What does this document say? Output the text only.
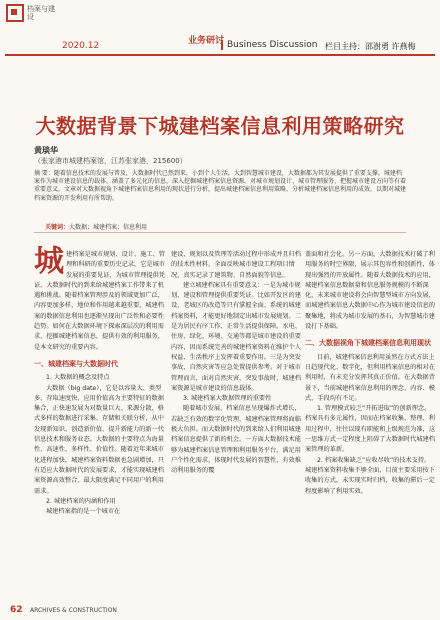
档案与建设
2020.12	业务研讨 Business Discussion 栏目主持：邵澍勇 许燕梅
大数据背景下城建档案信息利用策略研究
黄琰华
（张家港市城建档案馆，江苏张家港，215600）
摘 要：随着信息技术的发展与普及，大数据时代已然到来，小到个人生活，大到智慧城市建设，大数据都为其发展提供了重要支撑。城建档案作为城市建设信息的载体，涵盖了多元化的信息，深入挖掘城建档案信息资源，对城市规划设计、城市管理服务、把握城市建设方向等有着重要意义。文章对大数据视角下城建档案信息利用的现状进行分析，提出城建档案信息利用策略，分析城建档案信息利用的成效，以期对城建档案资源的开发利用有所帮助。
关键词：大数据；城建档案；信息利用

城建档案是城市规划、设计、施工、管理和科研的重要历史记录，它是城市发展的重要见证，为城市管理提供凭证。大数据时代的到来给城建档案工作带来了机遇和挑战。随着档案管理涉及的领域更加广泛，内容更加多样，地位和作用越来越重要，城建档案的数据信息利用也逐渐呈现出广泛性和必要性趋势。如何在大数据环境下探索深层次的利用需求，挖掘城建档案信息，提供有效的利用服务，是本文研究的重要内容。

一、城建档案与大数据时代

1. 大数据的概念及特点

大数据（big date），它是以容量大、类型多、存取速度快、应用价值高为主要特征的数据集合，正快速发展为对数量巨大、来源分散、格式多样的数据进行采集、存储和关联分析，从中发现新知识、创造新价值、提升新能力的新一代信息技术和服务业态。大数据的主要特点为海量性、高速性、多样性、价值性。随着近年来城市化进程加快，城建档案资料数据也急剧增加，只有适应大数据时代的发展要求，才能实现城建档案资源高效整合，最大限度满足不同用户的利用需求。

2. 城建档案的内涵和作用

城建档案指的是一个城市在

建设、规划以及管理等活动过程中形成并且归档的技术性材料，全面反映城市建设工程项目情况，真实记录了建筑物、自然面貌等信息。

建立城建档案具有重要意义：一是为城市规划、建设和管理提供重要凭证。比如开发区的建设，老城区的改造等只有掌握全面、系统的城建档案资料，才能更好地制定出城市发展规划。二是为居民有序工作、正常生活提供保障。水电、住房、绿化、环境、交通等都是城市建设的重要内容，因而系统完善的城建档案资料在维护个人权益、生活秩序上发挥着重要作用。三是为突发事故、自然灾害等应急处置提供参考。对于城市管理而言，面对自然灾害、突发事故时，城建档案资源是城市建设的信息载体。

3. 城建档案大数据管理的重要性

随着城市发展，档案信息呈现爆炸式增长，若缺乏有效的数字化管理，城建档案管理将面临极大负担。而大数据时代的到来给人们利用城建档案信息提供了新的机会。一方面大数据技术能够为城建档案信息管理和利用服务平台，满足用户个性化需求，体现时代发展的智慧性，有效推动利用服务的覆

盖面和社会化。另一方面，大数据技术打破了利用服务的时空界限，展示其包容性和创新性，体现出强烈的开放属性。随着大数据技术的应用，城建档案信息数据量和信息服务规模的不断深化，未来城市建设将会向智慧型城市方向发展，而城建档案信息大数据中心作为城市建设信息的聚集地，将成为城市发展的基石，为智慧城市建设打下基础。

二、大数据视角下城建档案信息利用现状

目前，城建档案信息利用虽然在方式方法上日趋现代化、数字化，但利用档案信息的相对在利用时，有未充分发挥其真正价值。在大数据背景下，当前城建档案信息利用的理念、内容、模式、手段均有不足。

1. 管理模式较乏“开拓进取”的创新理念。档案具有多元属性，因而在档案收集、整理、利用过程中，往往以现有职能和上级规范为准，这一思维方式一定程度上阻碍了大数据时代城建档案管理的革新。

2. 档案收集缺乏“应收尽收”的技术支持。城建档案资料收集不够全面，目前主要采用按下收集的方式，未实现实时归档，收集的滞后一定程度影响了利用实效。

62 ARCHIVES & CONSTRUCTION
